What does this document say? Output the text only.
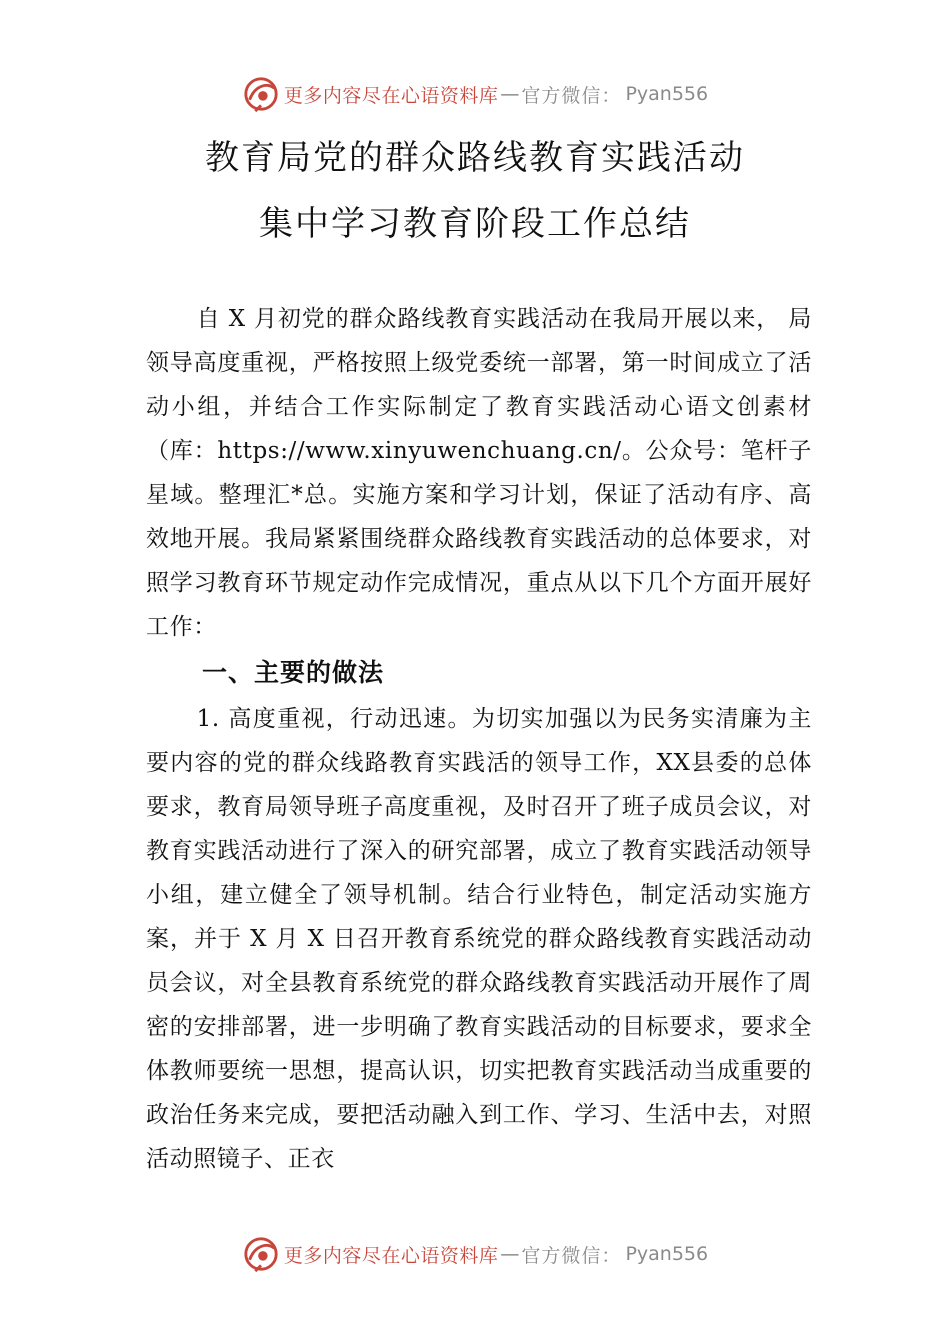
更多内容尽在心语资料库 — 官方微信： Pyan556
教育局党的群众路线教育实践活动
集中学习教育阶段工作总结

自 X 月初党的群众路线教育实践活动在我局开展以来， 局领导高度重视，严格按照上级党委统一部署，第一时间成立了活动小组，并结合工作实际制定了教育实践活动心语文创素材（库：https://www.xinyuwenchuang.cn/。公众号：笔杆子星域。整理汇*总。实施方案和学习计划，保证了活动有序、高效地开展。我局紧紧围绕群众路线教育实践活动的总体要求，对照学习教育环节规定动作完成情况，重点从以下几个方面开展好工作：

一、主要的做法

1. 高度重视，行动迅速。为切实加强以为民务实清廉为主要内容的党的群众线路教育实践活的领导工作，XX县委的总体要求，教育局领导班子高度重视，及时召开了班子成员会议，对教育实践活动进行了深入的研究部署，成立了教育实践活动领导小组，建立健全了领导机制。结合行业特色，制定活动实施方案，并于 X 月 X 日召开教育系统党的群众路线教育实践活动动员会议，对全县教育系统党的群众路线教育实践活动开展作了周密的安排部署，进一步明确了教育实践活动的目标要求，要求全体教师要统一思想，提高认识，切实把教育实践活动当成重要的政治任务来完成，要把活动融入到工作、学习、生活中去，对照活动照镜子、正衣

更多内容尽在心语资料库 — 官方微信： Pyan556
